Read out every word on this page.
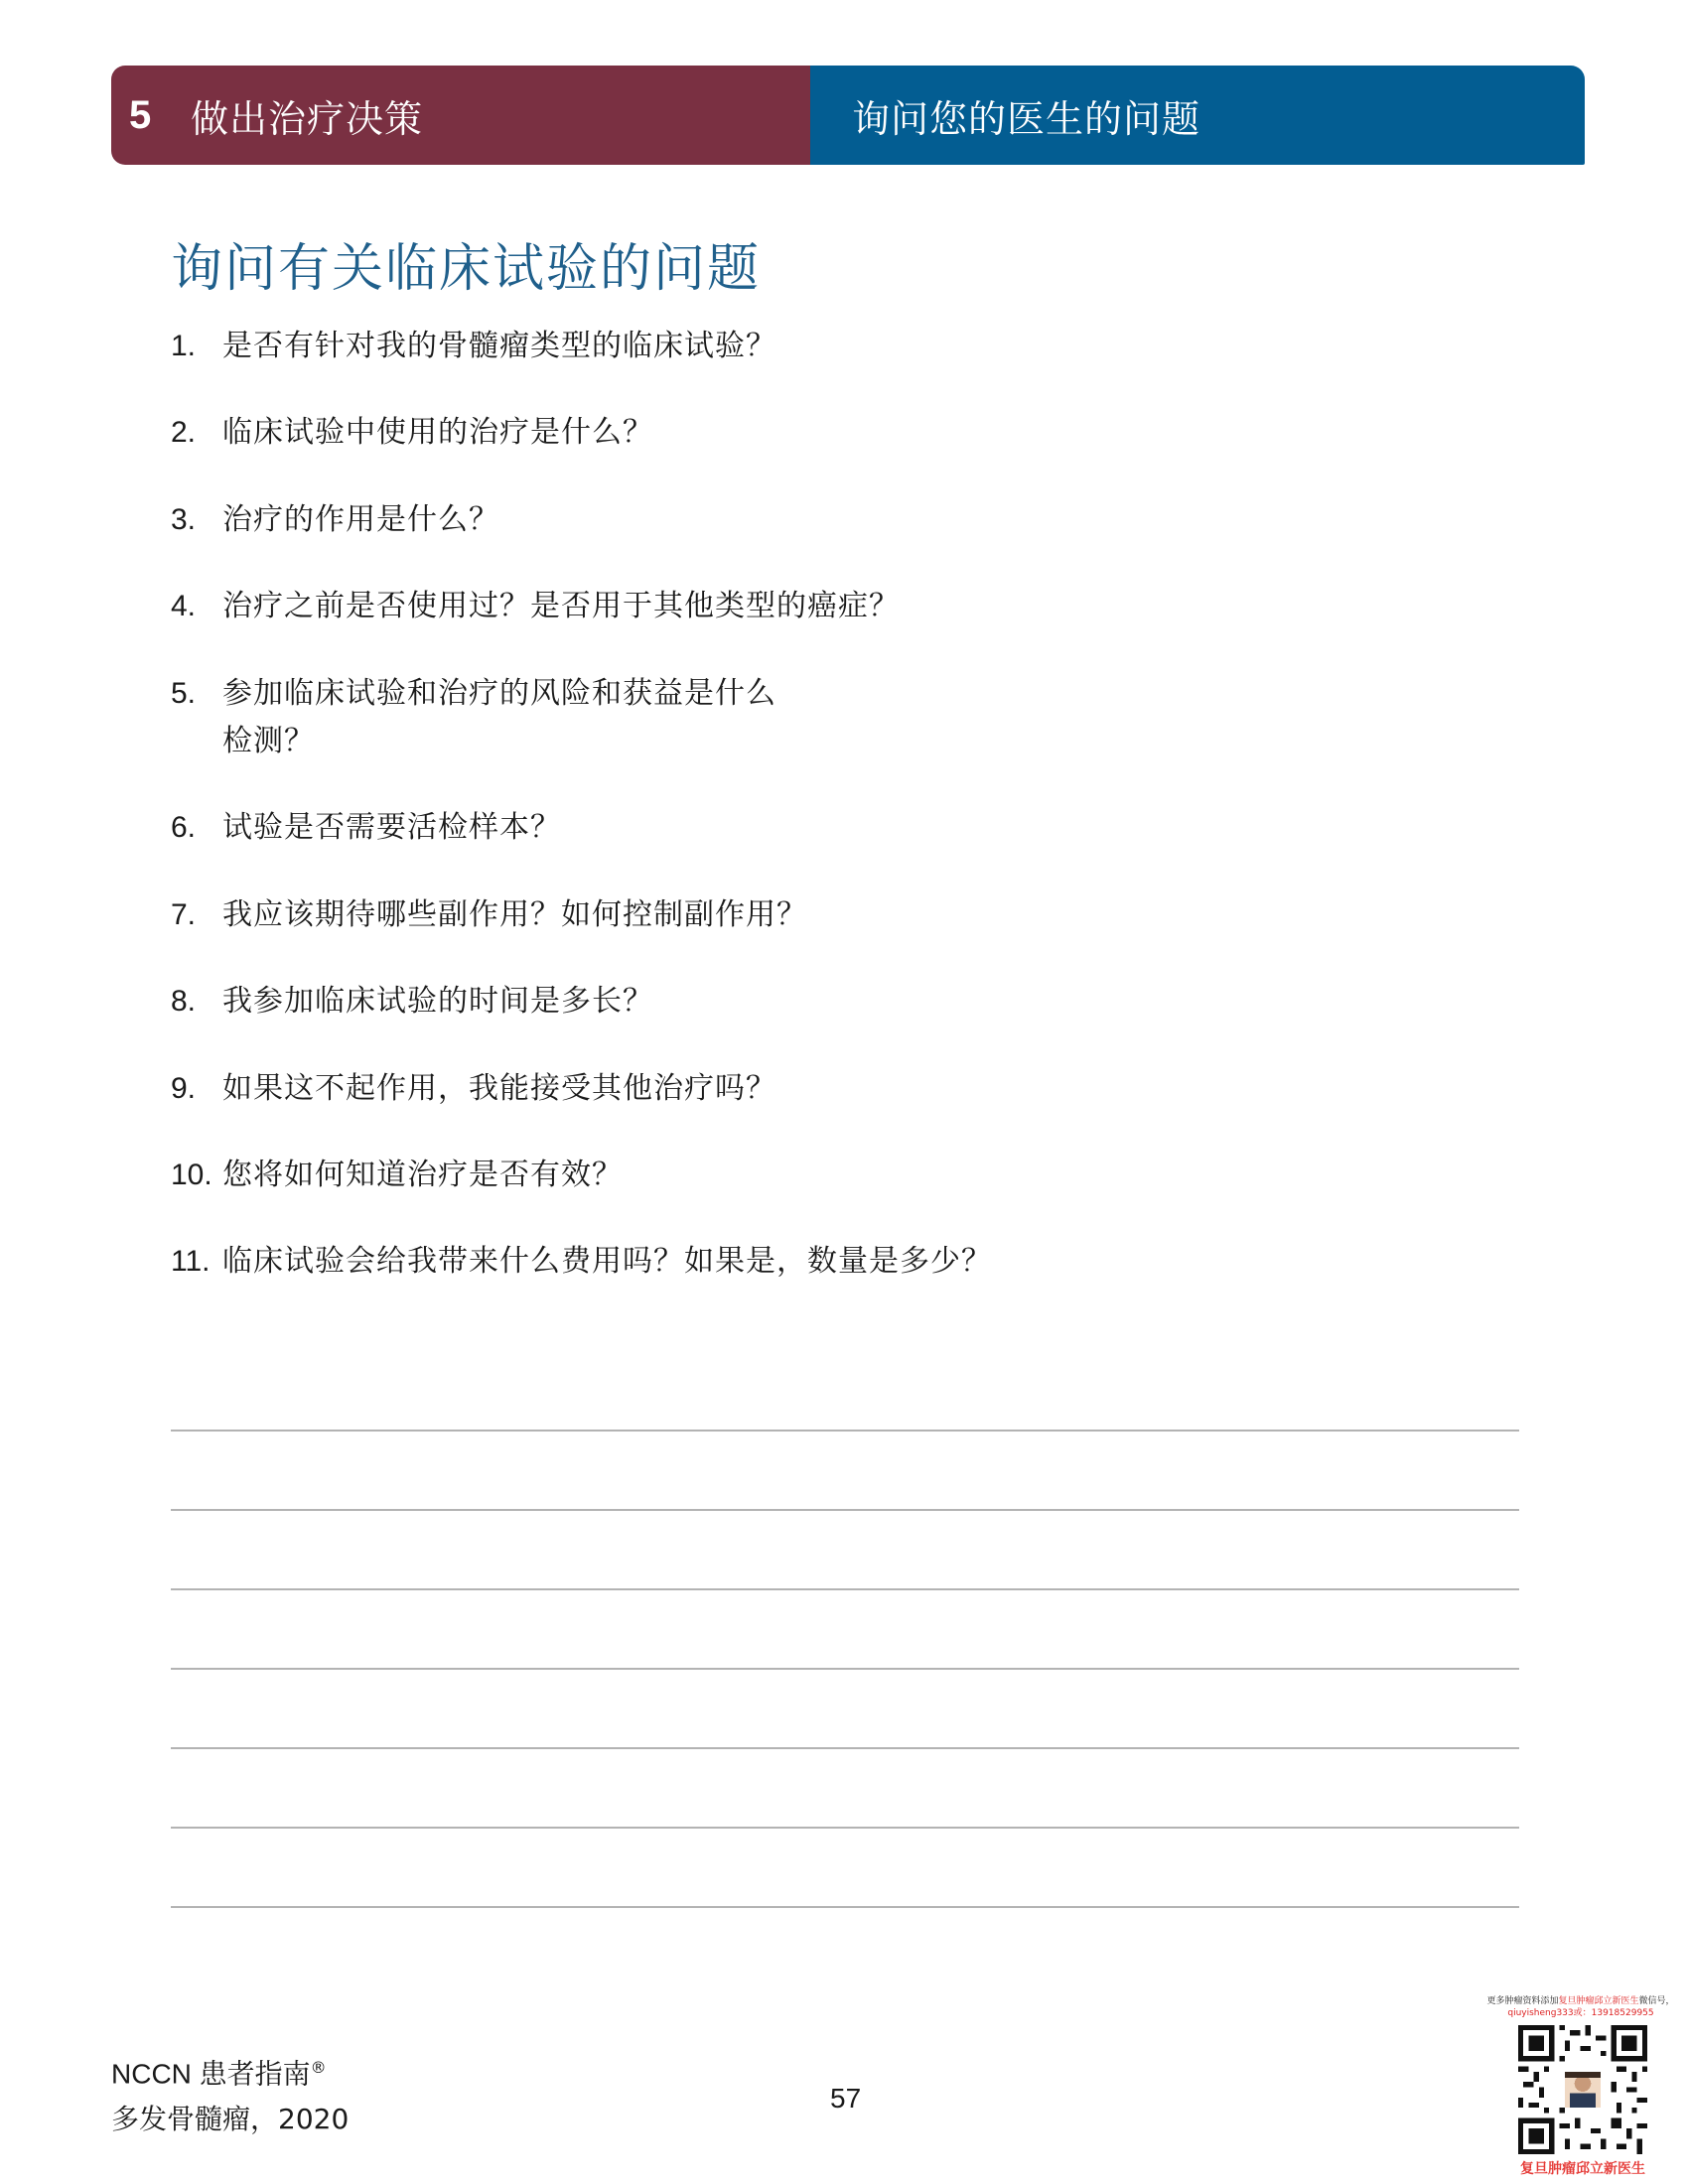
5	做出治疗决策	询问您的医生的问题
询问有关临床试验的问题
1. 是否有针对我的骨髓瘤类型的临床试验？
2. 临床试验中使用的治疗是什么？
3. 治疗的作用是什么？
4. 治疗之前是否使用过？是否用于其他类型的癌症？
5. 参加临床试验和治疗的风险和获益是什么
检测？
6. 试验是否需要活检样本？
7. 我应该期待哪些副作用？如何控制副作用？
8. 我参加临床试验的时间是多长？
9. 如果这不起作用，我能接受其他治疗吗？
10. 您将如何知道治疗是否有效？
11. 临床试验会给我带来什么费用吗？如果是，数量是多少？
NCCN 患者指南®
多发骨髓瘤，2020
57
更多肿瘤资料添加复旦肿瘤邱立新医生微信号，
qiuyisheng333或：13918529955
复旦肿瘤邱立新医生
